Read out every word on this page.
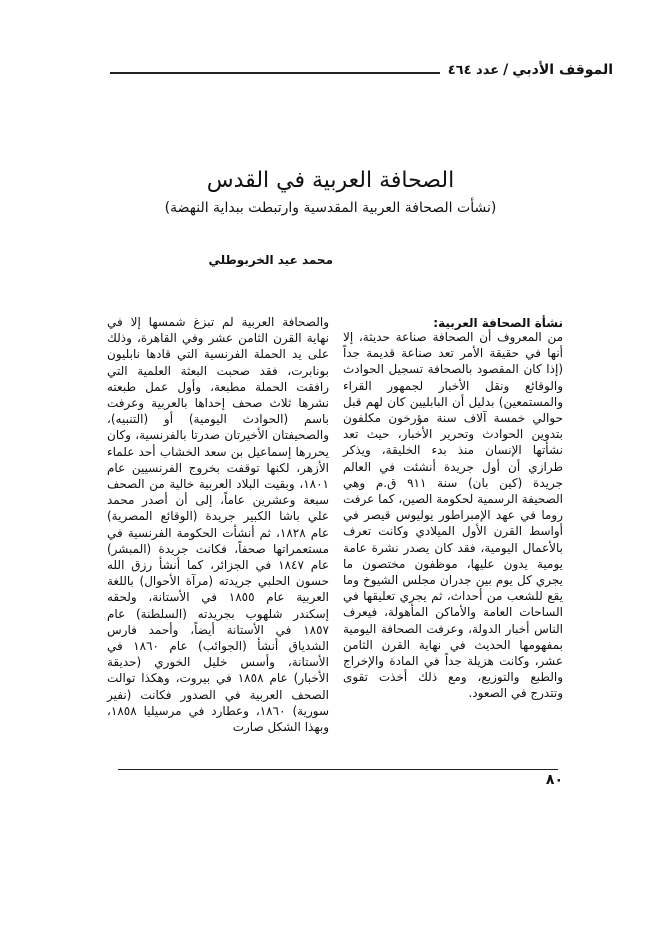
الموقف الأدبي
/
عدد ٤٦٤
الصحافة العربية في القدس

(نشأت الصحافة العربية المقدسية وارتبطت ببداية النهضة)

محمد عيد الخربوطلي
نشأة الصحافة العربية:

من المعروف أن الصحافة صناعة حديثة، إلا أنها في حقيقة الأمر تعد صناعة قديمة جداً (إذا كان المقصود بالصحافة تسجيل الحوادث والوقائع ونقل الأخبار لجمهور القراء والمستمعين) بدليل أن البابليين كان لهم قبل حوالي خمسة آلاف سنة مؤرخون مكلفون بتدوين الحوادث وتحرير الأخبار، حيث تعد نشأتها الإنسان منذ بدء الخليقة، ويذكر طرازي أن أول جريدة أنشئت في العالم جريدة (كين بان) سنة ٩١١ ق.م وهي الصحيفة الرسمية لحكومة الصين، كما عرفت روما في عهد الإمبراطور يوليوس قيصر في أواسط القرن الأول الميلادي وكانت تعرف بالأعمال اليومية، فقد كان يصدر نشرة عامة يومية يدون عليها، موظفون مختصون ما يجري كل يوم بين جدران مجلس الشيوخ وما يقع للشعب من أحداث، ثم يجري تعليقها في الساحات العامة والأماكن المأهولة، فيعرف الناس أخبار الدولة، وعرفت الصحافة اليومية بمفهومها الحديث في نهاية القرن الثامن عشر، وكانت هزيلة جداً في المادة والإخراج والطبع والتوزيع، ومع ذلك أخذت تقوى وتتدرج في الصعود.

والصحافة العربية لم تبزغ شمسها إلا في نهاية القرن الثامن عشر وفي القاهرة، وذلك على يد الحملة الفرنسية التي قادها نابليون بونابرت، فقد صحبت البعثة العلمية التي رافقت الحملة مطبعة، وأول عمل طبعته نشرها ثلاث صحف إحداها بالعربية وعرفت باسم (الحوادث اليومية) أو (التنبيه)، والصحيفتان الأخيرتان صدرتا بالفرنسية، وكان يحررها إسماعيل بن سعد الخشاب أحد علماء الأزهر، لكنها توقفت بخروج الفرنسيين عام ١٨٠١، وبقيت البلاد العربية خالية من الصحف سبعة وعشرين عاماً، إلى أن أصدر محمد علي باشا الكبير جريدة (الوقائع المصرية) عام ١٨٢٨، ثم أنشأت الحكومة الفرنسية في مستعمراتها صحفاً، فكانت جريدة (المبشر) عام ١٨٤٧ في الجزائر، كما أنشأ رزق الله حسون الحلبي جريدته (مرآة الأحوال) باللغة العربية عام ١٨٥٥ في الأستانة، ولحقه إسكندر شلهوب بجريدته (السلطنة) عام ١٨٥٧ في الأستانة أيضاً، وأحمد فارس الشدياق أنشأ (الجوائب) عام ١٨٦٠ في الأستانة، وأسس خليل الخوري (حديقة الأخبار) عام ١٨٥٨ في بيروت، وهكذا توالت الصحف العربية في الصدور فكانت (نفير سورية) ١٨٦٠، وعطارد في مرسيليا ١٨٥٨، وبهذا الشكل صارت

٨٠
